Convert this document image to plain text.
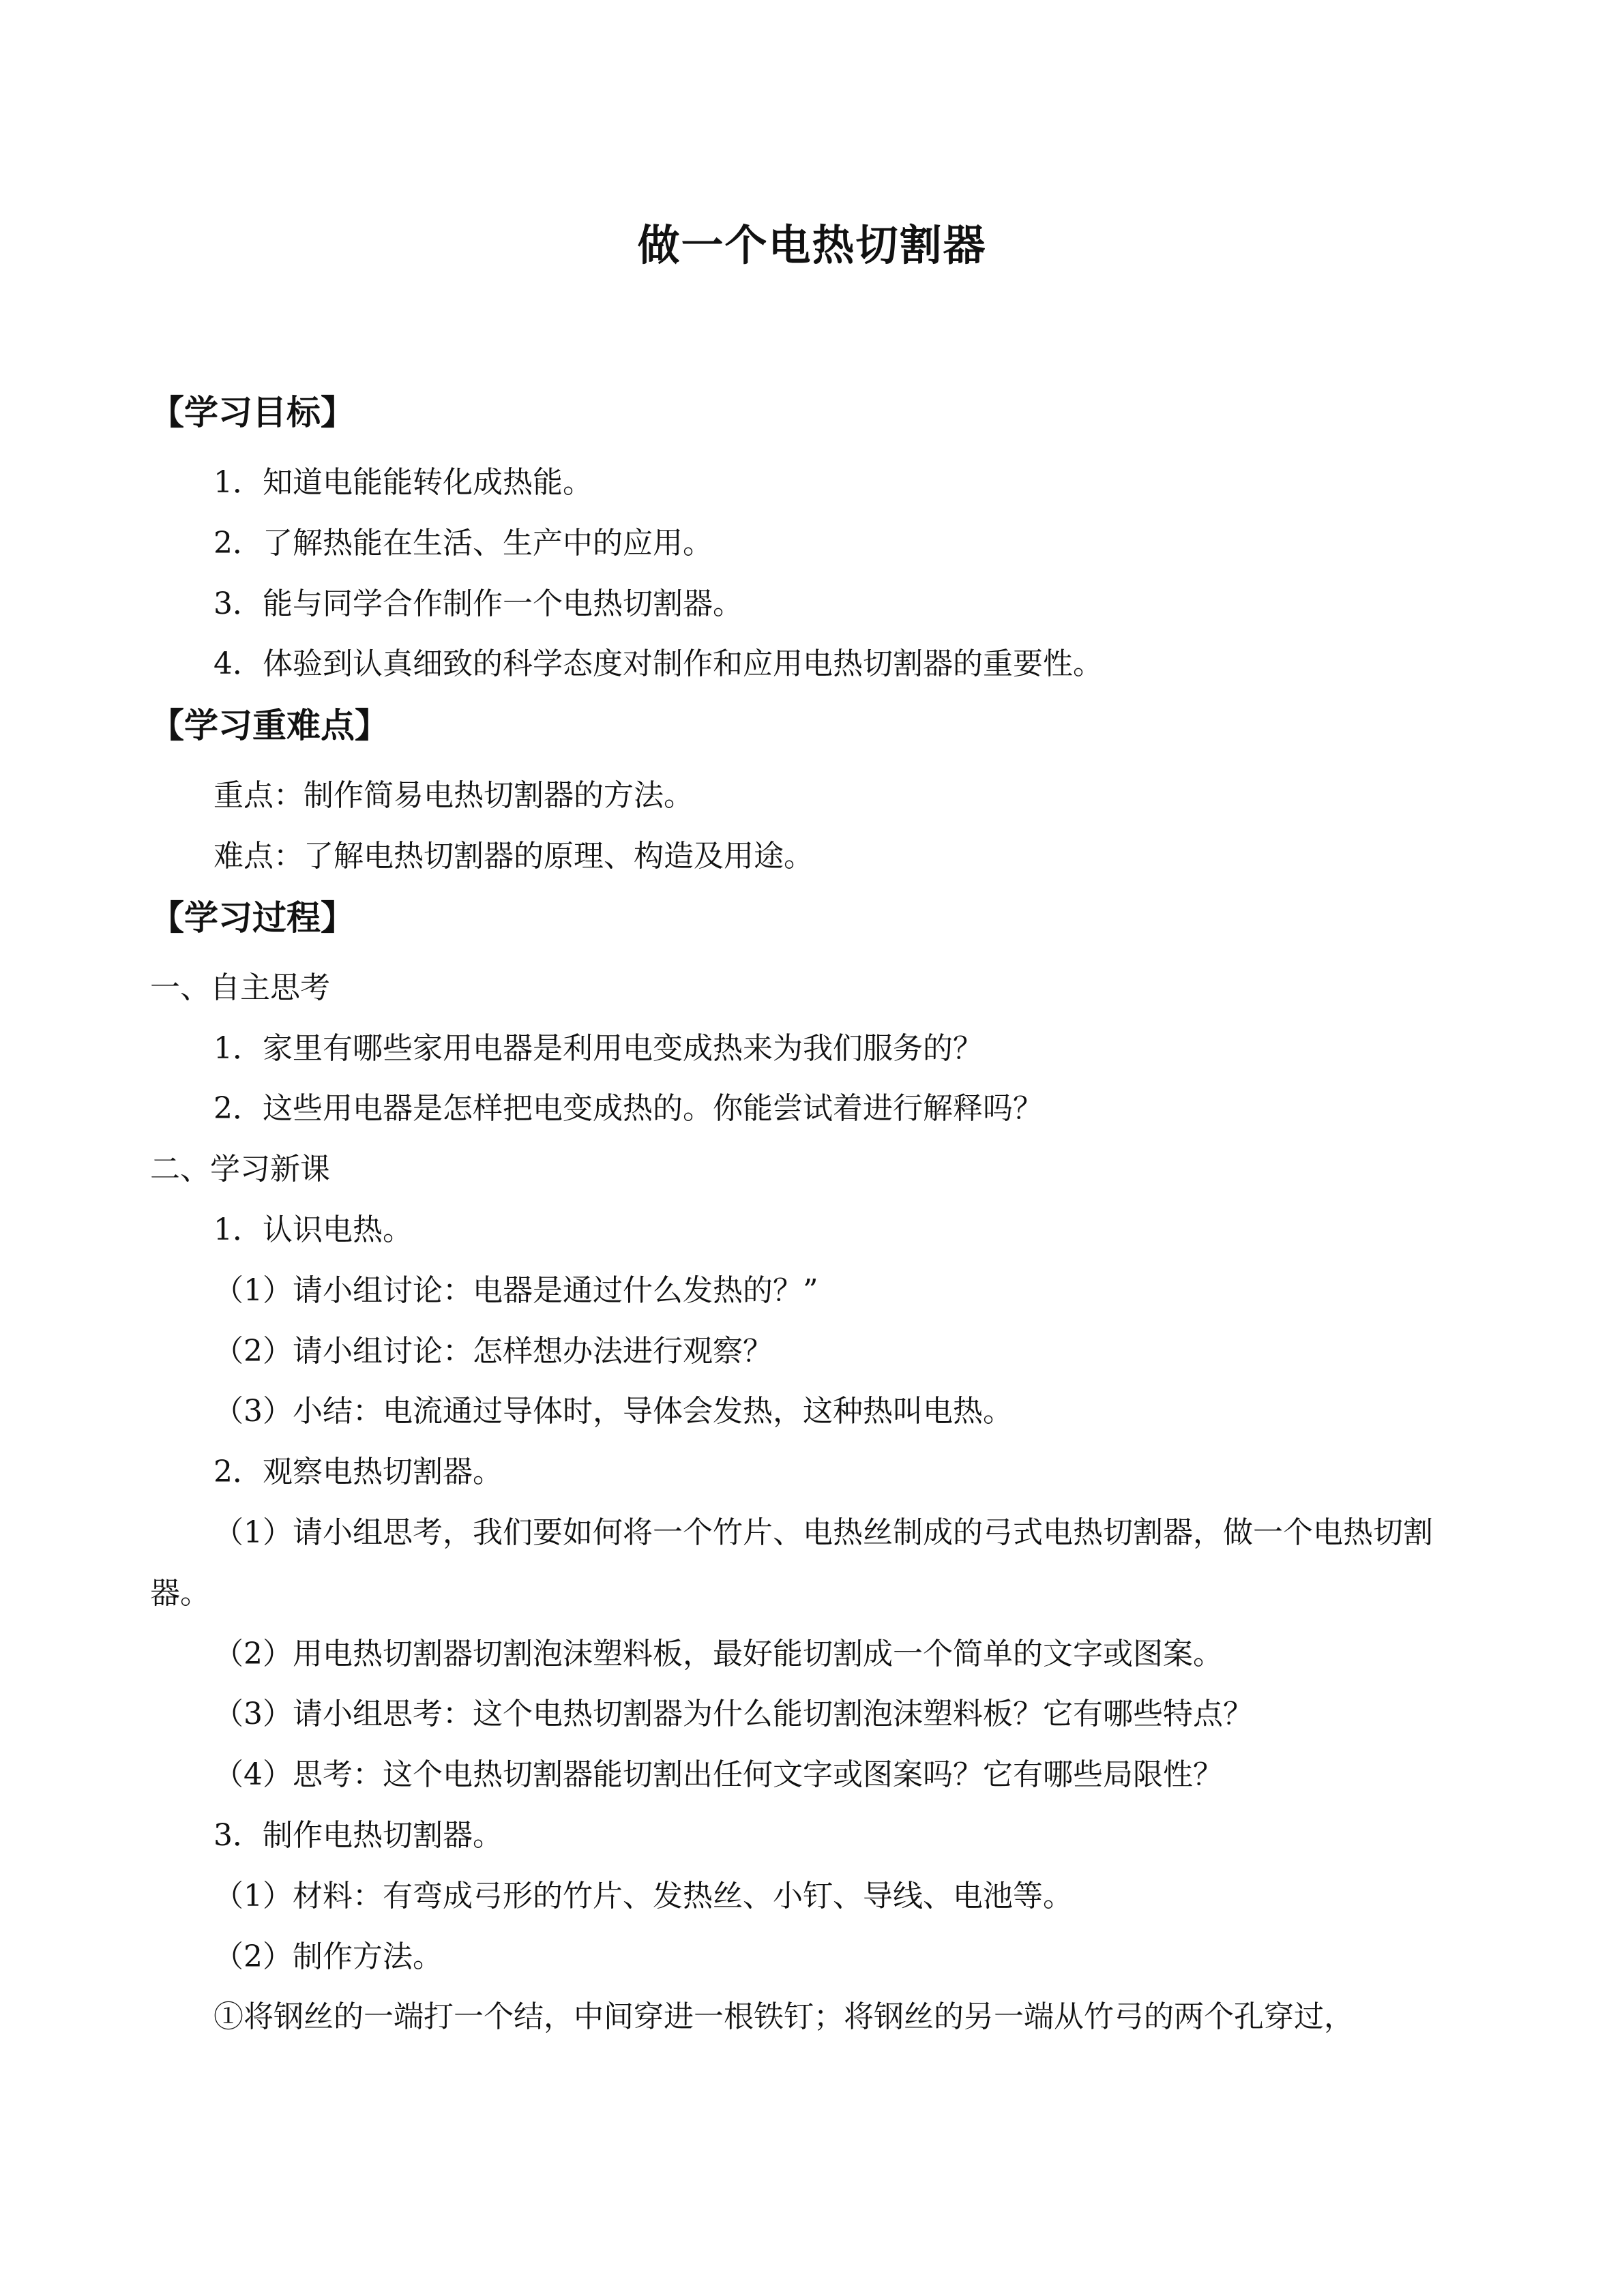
做一个电热切割器
【学习目标】
1．知道电能能转化成热能。
2．了解热能在生活、生产中的应用。
3．能与同学合作制作一个电热切割器。
4．体验到认真细致的科学态度对制作和应用电热切割器的重要性。
【学习重难点】
重点：制作简易电热切割器的方法。
难点：了解电热切割器的原理、构造及用途。
【学习过程】
一、自主思考
1．家里有哪些家用电器是利用电变成热来为我们服务的？
2．这些用电器是怎样把电变成热的。你能尝试着进行解释吗？
二、学习新课
1．认识电热。
（1）请小组讨论：电器是通过什么发热的？”
（2）请小组讨论：怎样想办法进行观察？
（3）小结：电流通过导体时，导体会发热，这种热叫电热。
2．观察电热切割器。

（1）请小组思考，我们要如何将一个竹片、电热丝制成的弓式电热切割器，做一个电热切割器。

（2）用电热切割器切割泡沫塑料板，最好能切割成一个简单的文字或图案。
（3）请小组思考：这个电热切割器为什么能切割泡沫塑料板？它有哪些特点？
（4）思考：这个电热切割器能切割出任何文字或图案吗？它有哪些局限性？
3．制作电热切割器。
（1）材料：有弯成弓形的竹片、发热丝、小钉、导线、电池等。
（2）制作方法。
①将钢丝的一端打一个结，中间穿进一根铁钉；将钢丝的另一端从竹弓的两个孔穿过，
